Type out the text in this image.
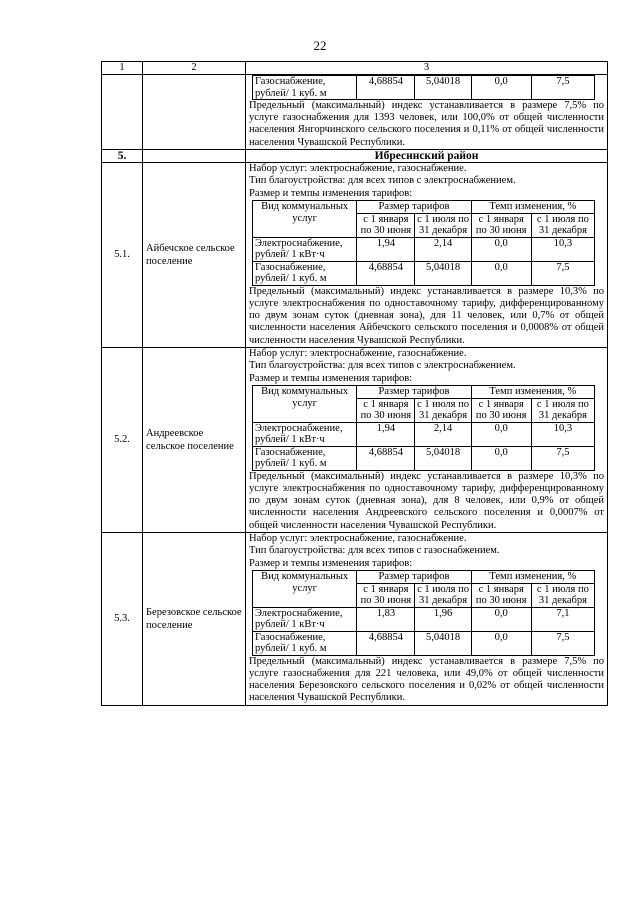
22
1	2	3

Газоснабжение, рублей/ 1 куб. м	4,68854	5,04018	0,0	7,5
Предельный (максимальный) индекс устанавливается в размере 7,5% по услуге газоснабжения для 1393 человек, или 100,0% от общей численности населения Янгорчинского сельского поселения и 0,11% от общей численности населения Чувашской Республики.

5.		Ибресинский район
5.1.	Айбечское сельское поселение	
Набор услуг: электроснабжение, газоснабжение.
Тип благоустройства: для всех типов с электроснабжением.
Размер и темпы изменения тарифов:
Вид коммунальных услуг	Размер тарифов	Темп изменения, %
с 1 января по 30 июня	с 1 июля по 31 декабря	с 1 января по 30 июня	с 1 июля по 31 декабря
Электроснабжение, рублей/ 1 кВт·ч	1,94	2,14	0,0	10,3
Газоснабжение, рублей/ 1 куб. м	4,68854	5,04018	0,0	7,5
Предельный (максимальный) индекс устанавливается в размере 10,3% по услуге электроснабжения по одноставочному тарифу, дифференцированному по двум зонам суток (дневная зона), для 11 человек, или 0,7% от общей численности населения Айбечского сельского поселения и 0,0008% от общей численности населения Чувашской Республики.

5.2.	Андреевское сельское поселение	
Набор услуг: электроснабжение, газоснабжение.
Тип благоустройства: для всех типов с электроснабжением.
Размер и темпы изменения тарифов:
Вид коммунальных услуг	Размер тарифов	Темп изменения, %
с 1 января по 30 июня	с 1 июля по 31 декабря	с 1 января по 30 июня	с 1 июля по 31 декабря
Электроснабжение, рублей/ 1 кВт·ч	1,94	2,14	0,0	10,3
Газоснабжение, рублей/ 1 куб. м	4,68854	5,04018	0,0	7,5
Предельный (максимальный) индекс устанавливается в размере 10,3% по услуге электроснабжения по одноставочному тарифу, дифференцированному по двум зонам суток (дневная зона), для 8 человек, или 0,9% от общей численности населения Андреевского сельского поселения и 0,0007% от общей численности населения Чувашской Республики.

5.3.	Березовское сельское поселение	
Набор услуг: электроснабжение, газоснабжение.
Тип благоустройства: для всех типов с газоснабжением.
Размер и темпы изменения тарифов:
Вид коммунальных услуг	Размер тарифов	Темп изменения, %
с 1 января по 30 июня	с 1 июля по 31 декабря	с 1 января по 30 июня	с 1 июля по 31 декабря
Электроснабжение, рублей/ 1 кВт·ч	1,83	1,96	0,0	7,1
Газоснабжение, рублей/ 1 куб. м	4,68854	5,04018	0,0	7,5
Предельный (максимальный) индекс устанавливается в размере 7,5% по услуге газоснабжения для 221 человека, или 49,0% от общей численности населения Березовского сельского поселения и 0,02% от общей численности населения Чувашской Республики.
